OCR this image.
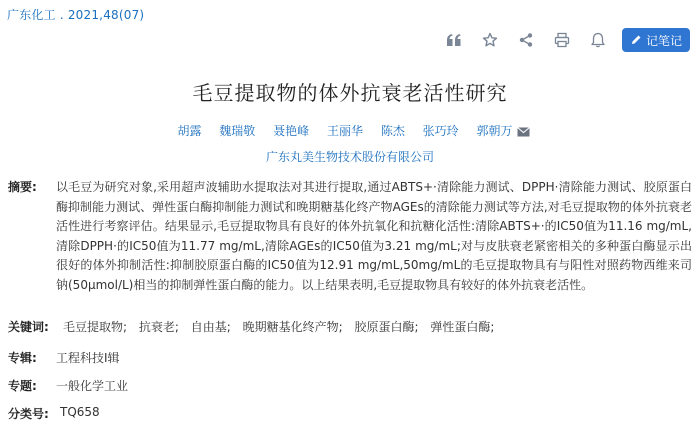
广东化工 . 2021,48(07)
记笔记
毛豆提取物的体外抗衰老活性研究
胡露 魏瑞敬 聂艳峰 王丽华 陈杰 张巧玲 郭朝万
广东丸美生物技术股份有限公司
摘要: 以毛豆为研究对象,采用超声波辅助水提取法对其进行提取,通过ABTS+·清除能力测试、DPPH·清除能力测试、胶原蛋白酶抑制能力测试、弹性蛋白酶抑制能力测试和晚期糖基化终产物AGEs的清除能力测试等方法,对毛豆提取物的体外抗衰老活性进行考察评估。结果显示,毛豆提取物具有良好的体外抗氧化和抗糖化活性:清除ABTS+·的IC50值为11.16 mg/mL,清除DPPH·的IC50值为11.77 mg/mL,清除AGEs的IC50值为3.21 mg/mL;对与皮肤衰老紧密相关的多种蛋白酶显示出很好的体外抑制活性:抑制胶原蛋白酶的IC50值为12.91 mg/mL,50mg/mL的毛豆提取物具有与阳性对照药物西维来司钠(50μmol/L)相当的抑制弹性蛋白酶的能力。以上结果表明,毛豆提取物具有较好的体外抗衰老活性。
关键词: 毛豆提取物; 抗衰老; 自由基; 晚期糖基化终产物; 胶原蛋白酶; 弹性蛋白酶;
专辑: 工程科技Ⅰ辑
专题: 一般化学工业
分类号: TQ658
